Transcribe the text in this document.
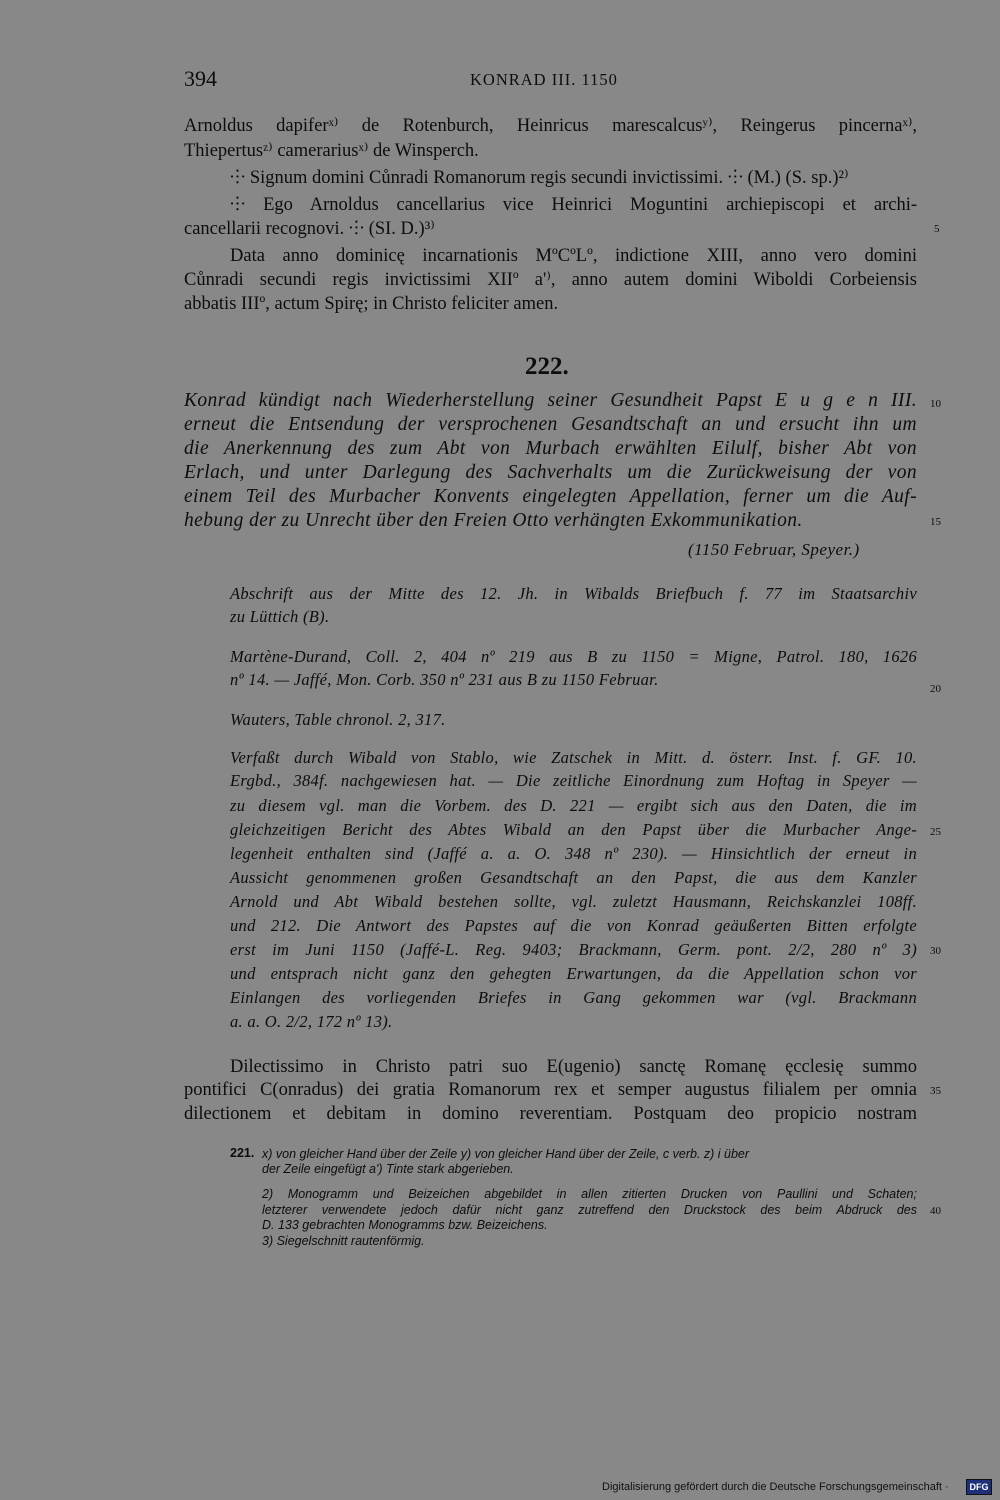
394	KONRAD III. 1150
Arnoldus dapiferˣ⁾ de Rotenburch, Heinricus marescalcusʸ⁾, Reingerus pincernaˣ⁾,
Thiepertusᶻ⁾ camerariusˣ⁾ de Winsperch.
⸭ Signum domini Cůnradi Romanorum regis secundi invictissimi. ⸭ (M.) (S. sp.)²⁾
⸭ Ego Arnoldus cancellarius vice Heinrici Moguntini archiepiscopi et archi-
cancellarii recognovi. ⸭ (SI. D.)³⁾
Data anno dominicę incarnationis MºCºLº, indictione XIII, anno vero domini
Cůnradi secundi regis invictissimi XIIº a'⁾, anno autem domini Wiboldi Corbeiensis
abbatis IIIº, actum Spirę; in Christo feliciter amen.
222.
Konrad kündigt nach Wiederherstellung seiner Gesundheit Papst E u g e n III.
erneut die Entsendung der versprochenen Gesandtschaft an und ersucht ihn um
die Anerkennung des zum Abt von Murbach erwählten Eilulf, bisher Abt von
Erlach, und unter Darlegung des Sachverhalts um die Zurückweisung der von
einem Teil des Murbacher Konvents eingelegten Appellation, ferner um die Auf-
hebung der zu Unrecht über den Freien Otto verhängten Exkommunikation.
(1150 Februar, Speyer.)
Abschrift aus der Mitte des 12. Jh. in Wibalds Briefbuch f. 77 im Staatsarchiv
zu Lüttich (B).
Martène-Durand, Coll. 2, 404 nº 219 aus B zu 1150 = Migne, Patrol. 180, 1626
nº 14. — Jaffé, Mon. Corb. 350 nº 231 aus B zu 1150 Februar.
Wauters, Table chronol. 2, 317.
Verfaßt durch Wibald von Stablo, wie Zatschek in Mitt. d. österr. Inst. f. GF. 10.
Ergbd., 384f. nachgewiesen hat. — Die zeitliche Einordnung zum Hoftag in Speyer —
zu diesem vgl. man die Vorbem. des D. 221 — ergibt sich aus den Daten, die im
gleichzeitigen Bericht des Abtes Wibald an den Papst über die Murbacher Ange-
legenheit enthalten sind (Jaffé a. a. O. 348 nº 230). — Hinsichtlich der erneut in
Aussicht genommenen großen Gesandtschaft an den Papst, die aus dem Kanzler
Arnold und Abt Wibald bestehen sollte, vgl. zuletzt Hausmann, Reichskanzlei 108ff.
und 212. Die Antwort des Papstes auf die von Konrad geäußerten Bitten erfolgte
erst im Juni 1150 (Jaffé-L. Reg. 9403; Brackmann, Germ. pont. 2/2, 280 nº 3)
und entsprach nicht ganz den gehegten Erwartungen, da die Appellation schon vor
Einlangen des vorliegenden Briefes in Gang gekommen war (vgl. Brackmann
a. a. O. 2/2, 172 nº 13).
Dilectissimo in Christo patri suo E(ugenio) sanctę Romanę ęcclesię summo
pontifici C(onradus) dei gratia Romanorum rex et semper augustus filialem per omnia
dilectionem et debitam in domino reverentiam. Postquam deo propicio nostram
221. x) von gleicher Hand über der Zeile y) von gleicher Hand über der Zeile, c verb. z) i über
der Zeile eingefügt a') Tinte stark abgerieben.
2) Monogramm und Beizeichen abgebildet in allen zitierten Drucken von Paullini und Schaten;
letzterer verwendete jedoch dafür nicht ganz zutreffend den Druckstock des beim Abdruck des
D. 133 gebrachten Monogramms bzw. Beizeichens.
3) Siegelschnitt rautenförmig.
5
10
15
20
25
30
35
40
Digitalisierung gefördert durch die Deutsche Forschungsgemeinschaft ·	DFG
